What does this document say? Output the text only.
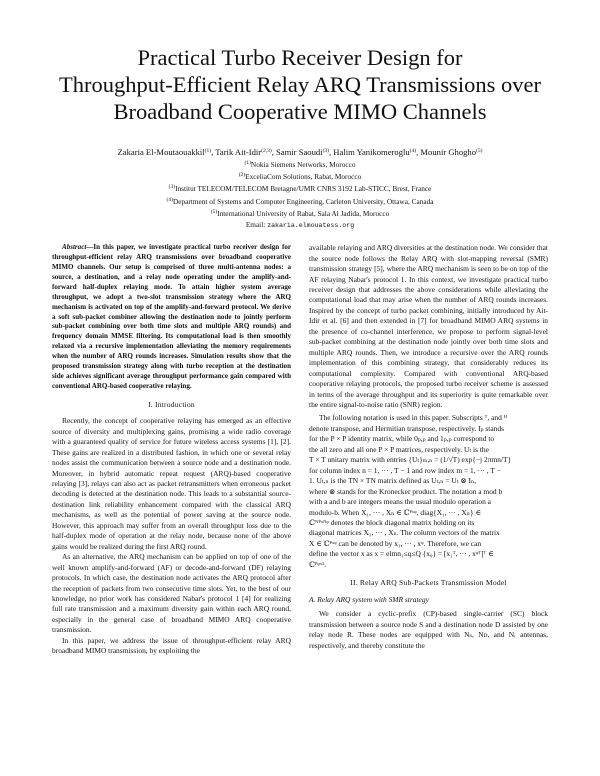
Practical Turbo Receiver Design for
Throughput-Efficient Relay ARQ Transmissions over
Broadband Cooperative MIMO Channels
Zakaria El-Moutaouakkil$^{(1)}$, Tarik Ait-Idir$^{(2,3)}$, Samir Saoudi$^{(3)}$, Halim Yanikomeroglu$^{(4)}$, Mounir Ghogho$^{(5)}$
$^{(1)}$Nokia Siemens Networks, Morocco
$^{(2)}$ExceliaCom Solutions, Rabat, Morocco
$^{(3)}$Institut TELECOM/TELECOM Bretagne/UMR CNRS 3192 Lab-STICC, Brest, France
$^{(4)}$Department of Systems and Computer Engineering, Carleton University, Ottawa, Canada
$^{(5)}$International University of Rabat, Sala Al Jadida, Morocco
Email: zakaria.elmouatess.org

Abstract—In this paper, we investigate practical turbo receiver design for throughput-efficient relay ARQ transmissions over broadband cooperative MIMO channels. Our setup is comprised of three multi-antenna nodes: a source, a destination, and a relay node operating under the amplify-and-forward half-duplex relaying mode. To attain higher system average throughput, we adopt a two-slot transmission strategy where the ARQ mechanism is activated on top of the amplify-and-forward protocol. We derive a soft sub-packet combiner allowing the destination node to jointly perform sub-packet combining over both time slots and multiple ARQ rounds) and frequency domain MMSE filtering. Its computational load is then smoothly relaxed via a recursive implementation alleviating the memory requirements when the number of ARQ rounds increases. Simulation results show that the proposed transmission strategy along with turbo reception at the destination side achieves significant average throughput performance gain compared with conventional ARQ-based cooperative relaying.

I. Introduction

Recently, the concept of cooperative relaying has emerged as an effective source of diversity and multiplexing gains, promising a wide radio coverage with a guaranteed quality of service for future wireless access systems [1], [2]. These gains are realized in a distributed fashion, in which one or several relay nodes assist the communication between a source node and a destination node. Moreover, in hybrid automatic repeat request (ARQ)-based cooperative relaying [3], relays can also act as packet retransmitters when erroneous packet decoding is detected at the destination node. This leads to a substantial source-destination link reliability enhancement compared with the classical ARQ mechanisms, as well as the potential of power saving at the source node. However, this approach may suffer from an overall throughput loss due to the half-duplex mode of operation at the relay node, because none of the above gains would be realized during the first ARQ round.

As an alternative, the ARQ mechanism can be applied on top of one of the well known amplify-and-forward (AF) or decode-and-forward (DF) relaying protocols. In which case, the destination node activates the ARQ protocol after the reception of packets from two consecutive time slots. Yet, to the best of our knowledge, no prior work has considered Nabar's protocol 1 [4] for realizing full rate transmission and a maximum diversity gain within each ARQ round, especially in the general case of broadband MIMO ARQ cooperative transmission.

In this paper, we address the issue of throughput-efficient relay ARQ broadband MIMO transmission, by exploiting the

available relaying and ARQ diversities at the destination node. We consider that the source node follows the Relay ARQ with slot-mapping reversal (SMR) transmission strategy [5], where the ARQ mechanism is seen to be on top of the AF relaying Nabar's protocol 1. In this context, we investigate practical turbo receiver design that addresses the above considerations while alleviating the computational load that may arise when the number of ARQ rounds increases. Inspired by the concept of turbo packet combining, initially introduced by Ait-Idir et al. [6] and then extended in [7] for broadband MIMO ARQ systems in the presence of co-channel interference, we propose to perform signal-level sub-packet combining at the destination node jointly over both time slots and multiple ARQ rounds. Then, we introduce a recursive over the ARQ rounds implementation of this combining strategy, that considerably reduces its computational complexity. Compared with conventional ARQ-based cooperative relaying protocols, the proposed turbo receiver scheme is assessed in terms of the average throughput and its superiority is quite remarkable over the entire signal-to-noise ratio (SNR) region.

The following notation is used in this paper. Subscripts ᵀ, and ᴴ
denote transpose, and Hermitian transpose, respectively. Iₚ stands
for the P × P identity matrix, while 0ₚ,ₚ and 1ₚ,ₚ correspond to
the all zero and all one P × P matrices, respectively. Uₜ is the
T × T unitary matrix with entries {Uₜ}ₘ,ₙ = (1/√T) exp{−j 2πmn/T}
for column index n = 1, ··· , T − 1 and row index m = 1, ··· , T −
1. Uₜ,ₙ is the TN × TN matrix defined as Uₜ,ₙ = Uₜ ⊗ Iₙ,
where ⊗ stands for the Kronecker product. The notation a mod b
with a and b are integers means the usual modulo operation a
modulo-b. When X₁, ··· , Xₙ ∈ ℂᴾˣᵠ, diag{X₁, ··· , Xₙ} ∈
ℂᴺᴾˣᴺᵠ denotes the block diagonal matrix holding on its
diagonal matrices X₁, ··· , Xₙ. The column vectors of the matrix
X ∈ ℂᴾˣᵠ can be denoted by x₁, ··· , xᵠ. Therefore, we can
define the vector x as x = elmn₁≤q≤Q {xᵩ} = [x₁ᵀ, ··· , xᵠᵀ]ᵀ ∈
ℂᴾᵠˣ¹.
II. Relay ARQ Sub-Packets Transmission Model
A. Relay ARQ system with SMR strategy

We consider a cyclic-prefix (CP)-based single-carrier (SC) block transmission between a source node S and a destination node D assisted by one relay node R. These nodes are equipped with Nₛ, Nᴅ, and Nᵣ antennas, respectively, and thereby constitute the
